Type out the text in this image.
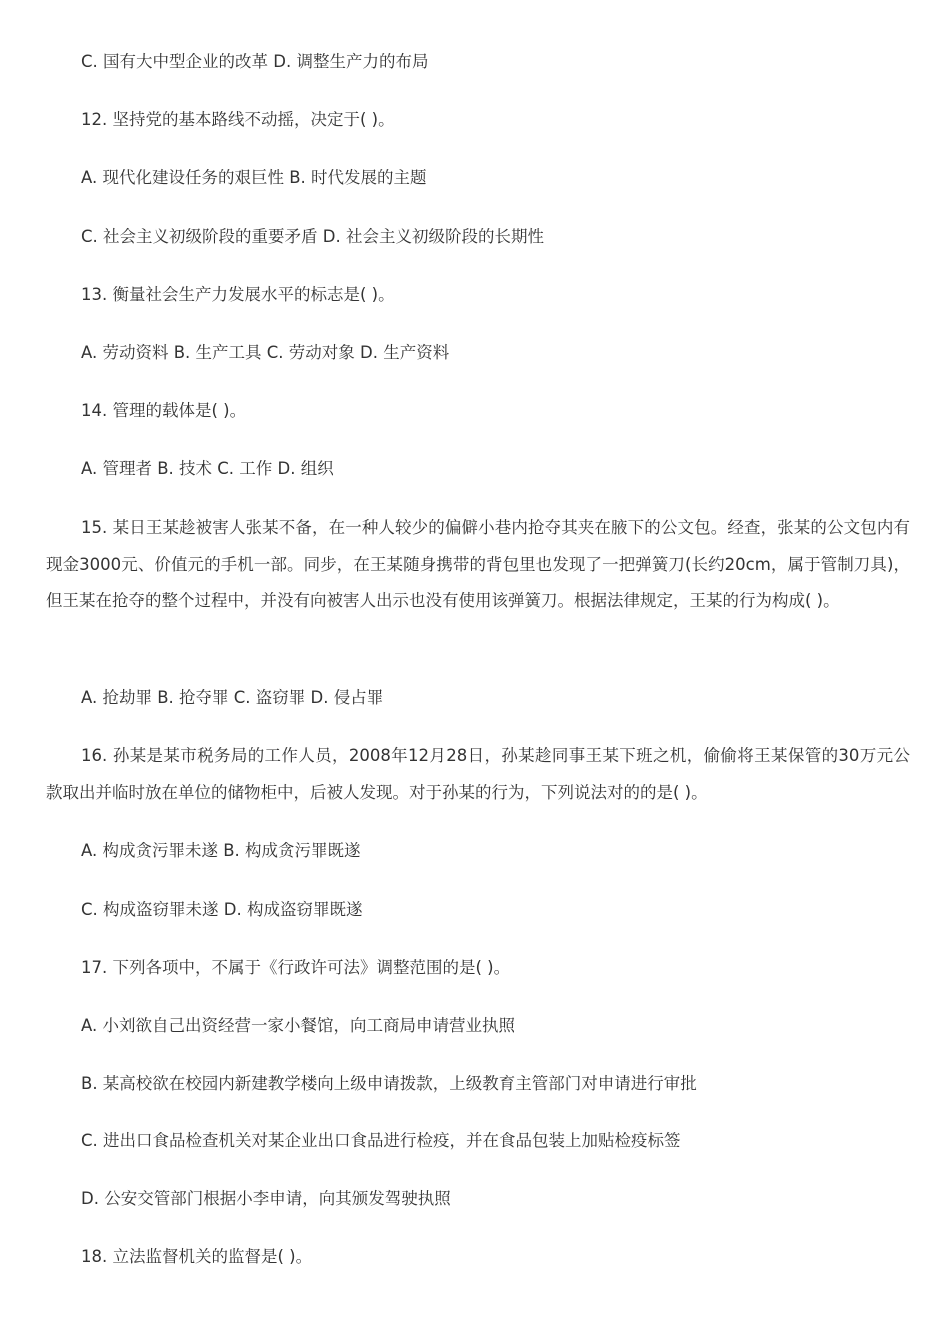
C. 国有大中型企业的改革 D. 调整生产力的布局
12. 坚持党的基本路线不动摇，决定于( )。
A. 现代化建设任务的艰巨性 B. 时代发展的主题
C. 社会主义初级阶段的重要矛盾 D. 社会主义初级阶段的长期性
13. 衡量社会生产力发展水平的标志是( )。
A. 劳动资料 B. 生产工具 C. 劳动对象 D. 生产资料
14. 管理的载体是( )。
A. 管理者 B. 技术 C. 工作 D. 组织
15. 某日王某趁被害人张某不备，在一种人较少的偏僻小巷内抢夺其夹在腋下的公文包。经查，张某的公文包内有现金3000元、价值元的手机一部。同步，在王某随身携带的背包里也发现了一把弹簧刀(长约20cm，属于管制刀具)，但王某在抢夺的整个过程中，并没有向被害人出示也没有使用该弹簧刀。根据法律规定，王某的行为构成( )。
A. 抢劫罪 B. 抢夺罪 C. 盗窃罪 D. 侵占罪
16. 孙某是某市税务局的工作人员，2008年12月28日，孙某趁同事王某下班之机，偷偷将王某保管的30万元公款取出并临时放在单位的储物柜中，后被人发现。对于孙某的行为，下列说法对的的是( )。
A. 构成贪污罪未遂 B. 构成贪污罪既遂
C. 构成盗窃罪未遂 D. 构成盗窃罪既遂
17. 下列各项中，不属于《行政许可法》调整范围的是( )。
A. 小刘欲自己出资经营一家小餐馆，向工商局申请营业执照
B. 某高校欲在校园内新建教学楼向上级申请拨款，上级教育主管部门对申请进行审批
C. 进出口食品检查机关对某企业出口食品进行检疫，并在食品包装上加贴检疫标签
D. 公安交管部门根据小李申请，向其颁发驾驶执照
18. 立法监督机关的监督是( )。
